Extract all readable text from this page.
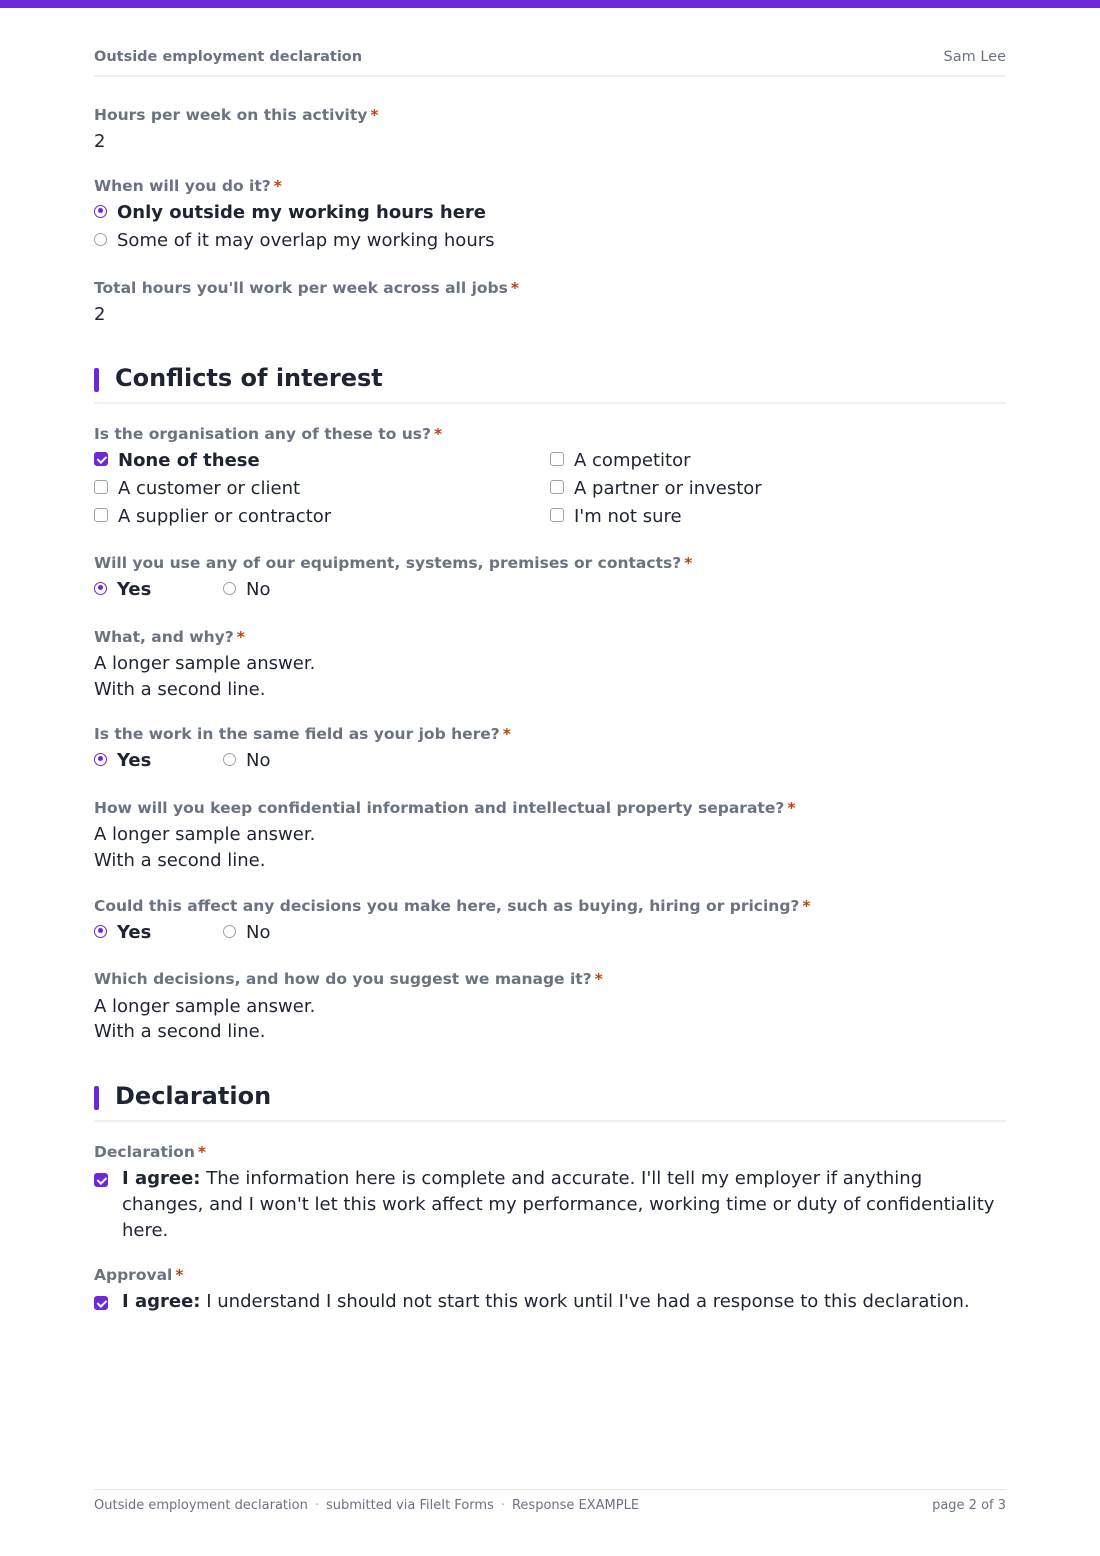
Outside employment declaration	Sam Lee
Hours per week on this activity *
2
When will you do it? *
Only outside my working hours here
Some of it may overlap my working hours
Total hours you'll work per week across all jobs *
2
Conflicts of interest
Is the organisation any of these to us? *
None of these
A customer or client
A supplier or contractor
A competitor
A partner or investor
I'm not sure
Will you use any of our equipment, systems, premises or contacts? *
Yes	No
What, and why? *
A longer sample answer.
With a second line.
Is the work in the same field as your job here? *
Yes	No
How will you keep confidential information and intellectual property separate? *
A longer sample answer.
With a second line.
Could this affect any decisions you make here, such as buying, hiring or pricing? *
Yes	No
Which decisions, and how do you suggest we manage it? *
A longer sample answer.
With a second line.
Declaration
Declaration *
I agree: The information here is complete and accurate. I'll tell my employer if anything changes, and I won't let this work affect my performance, working time or duty of confidentiality here.
Approval *
I agree: I understand I should not start this work until I've had a response to this declaration.
Outside employment declaration · submitted via FileIt Forms · Response EXAMPLE	page 2 of 3
